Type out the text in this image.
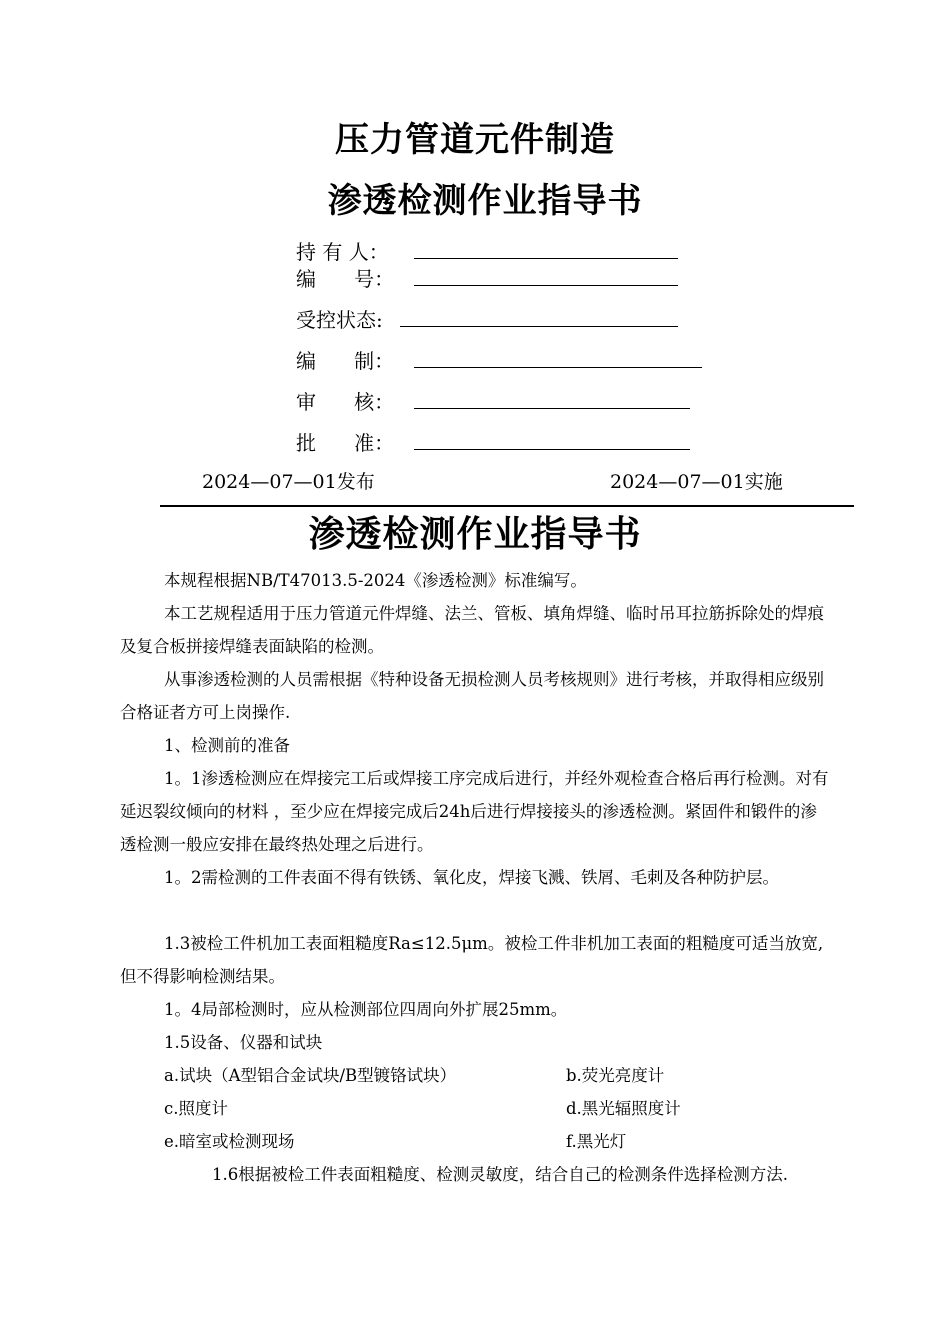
压力管道元件制造
渗透检测作业指导书
持 有 人：
编      号：
受控状态:
编      制：
审      核：
批      准：
2024—07—01发布	2024—07—01实施
渗透检测作业指导书

本规程根据NB/T47013.5-2024《渗透检测》标准编写。

本工艺规程适用于压力管道元件焊缝、法兰、管板、填角焊缝、临时吊耳拉筋拆除处的焊痕及复合板拼接焊缝表面缺陷的检测。

从事渗透检测的人员需根据《特种设备无损检测人员考核规则》进行考核，并取得相应级别合格证者方可上岗操作.

1、检测前的准备

1。1渗透检测应在焊接完工后或焊接工序完成后进行，并经外观检查合格后再行检测。对有延迟裂纹倾向的材料 ，至少应在焊接完成后24h后进行焊接接头的渗透检测。紧固件和锻件的渗透检测一般应安排在最终热处理之后进行。

1。2需检测的工件表面不得有铁锈、氧化皮，焊接飞溅、铁屑、毛刺及各种防护层。

1.3被检工件机加工表面粗糙度Ra≤12.5μm。被检工件非机加工表面的粗糙度可适当放宽,但不得影响检测结果。

1。4局部检测时，应从检测部位四周向外扩展25mm。

1.5设备、仪器和试块

a.试块（A型铝合金试块/B型镀铬试块）	b.荧光亮度计
c.照度计	d.黑光辐照度计
e.暗室或检测现场	f.黑光灯

1.6根据被检工件表面粗糙度、检测灵敏度，结合自己的检测条件选择检测方法.
